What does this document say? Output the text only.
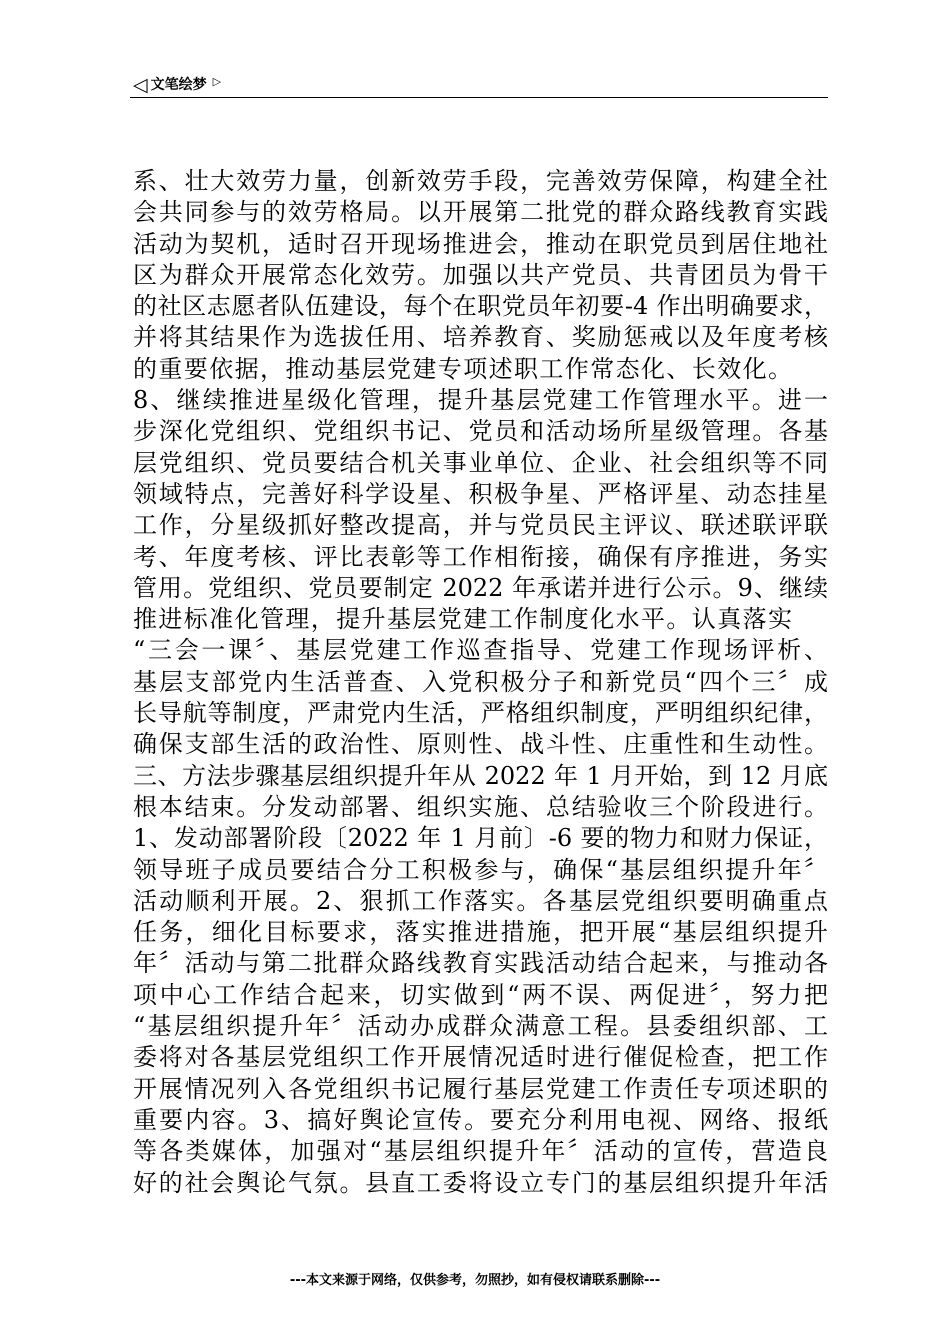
◁ 文笔绘梦 ▷
系、壮大效劳力量，创新效劳手段，完善效劳保障，构建全社
会共同参与的效劳格局。以开展第二批党的群众路线教育实践
活动为契机，适时召开现场推进会，推动在职党员到居住地社
区为群众开展常态化效劳。加强以共产党员、共青团员为骨干
的社区志愿者队伍建设，每个在职党员年初要-4 作出明确要求，
并将其结果作为选拔任用、培养教育、奖励惩戒以及年度考核
的重要依据，推动基层党建专项述职工作常态化、长效化。
8、继续推进星级化管理，提升基层党建工作管理水平。进一
步深化党组织、党组织书记、党员和活动场所星级管理。各基
层党组织、党员要结合机关事业单位、企业、社会组织等不同
领域特点，完善好科学设星、积极争星、严格评星、动态挂星
工作，分星级抓好整改提高，并与党员民主评议、联述联评联
考、年度考核、评比表彰等工作相衔接，确保有序推进，务实
管用。党组织、党员要制定 2022 年承诺并进行公示。9、继续
推进标准化管理，提升基层党建工作制度化水平。认真落实
“三会一课〞、基层党建工作巡查指导、党建工作现场评析、
基层支部党内生活普查、入党积极分子和新党员“四个三〞成
长导航等制度，严肃党内生活，严格组织制度，严明组织纪律，
确保支部生活的政治性、原则性、战斗性、庄重性和生动性。
三、方法步骤基层组织提升年从 2022 年 1 月开始，到 12 月底
根本结束。分发动部署、组织实施、总结验收三个阶段进行。
1、发动部署阶段〔2022 年 1 月前〕-6 要的物力和财力保证，
领导班子成员要结合分工积极参与，确保“基层组织提升年〞
活动顺利开展。2、狠抓工作落实。各基层党组织要明确重点
任务，细化目标要求，落实推进措施，把开展“基层组织提升
年〞活动与第二批群众路线教育实践活动结合起来，与推动各
项中心工作结合起来，切实做到“两不误、两促进〞，努力把
“基层组织提升年〞活动办成群众满意工程。县委组织部、工
委将对各基层党组织工作开展情况适时进行催促检查，把工作
开展情况列入各党组织书记履行基层党建工作责任专项述职的
重要内容。3、搞好舆论宣传。要充分利用电视、网络、报纸
等各类媒体，加强对“基层组织提升年〞活动的宣传，营造良
好的社会舆论气氛。县直工委将设立专门的基层组织提升年活
---本文来源于网络，仅供参考，勿照抄，如有侵权请联系删除---
